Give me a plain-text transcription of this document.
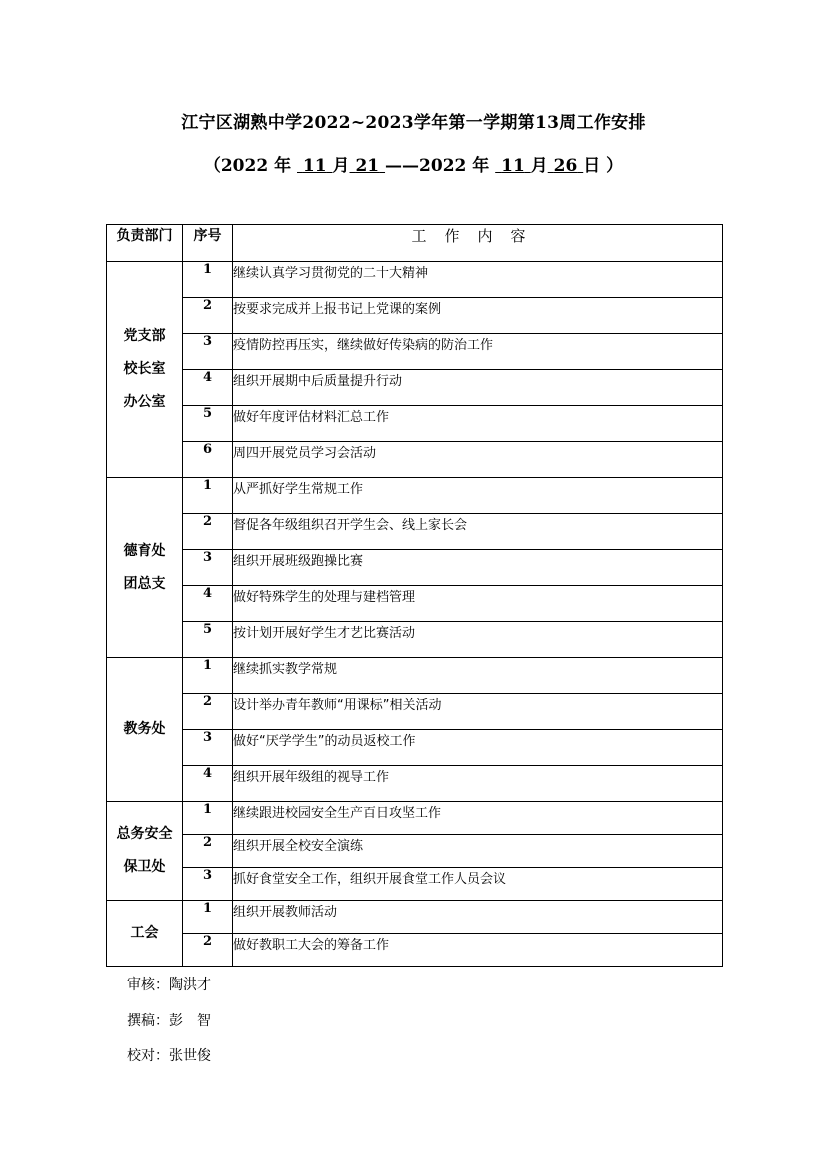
江宁区湖熟中学2022~2023学年第一学期第13周工作安排
（2022 年 11 月 21 ——2022 年 11 月 26 日 ）
负责部门	序号	工作内容

党支部
校长室
办公室	1	继续认真学习贯彻党的二十大精神
	2	按要求完成并上报书记上党课的案例
	3	疫情防控再压实，继续做好传染病的防治工作
	4	组织开展期中后质量提升行动
	5	做好年度评估材料汇总工作
	6	周四开展党员学习会活动

德育处
团总支	1	从严抓好学生常规工作
	2	督促各年级组织召开学生会、线上家长会
	3	组织开展班级跑操比赛
	4	做好特殊学生的处理与建档管理
	5	按计划开展好学生才艺比赛活动

教务处	1	继续抓实教学常规
	2	设计举办青年教师“用课标”相关活动
	3	做好“厌学学生”的动员返校工作
	4	组织开展年级组的视导工作

总务安全
保卫处	1	继续跟进校园安全生产百日攻坚工作
	2	组织开展全校安全演练
	3	抓好食堂安全工作，组织开展食堂工作人员会议

工会	1	组织开展教师活动
	2	做好教职工大会的筹备工作
审核：陶洪才
撰稿：彭　智
校对：张世俊
